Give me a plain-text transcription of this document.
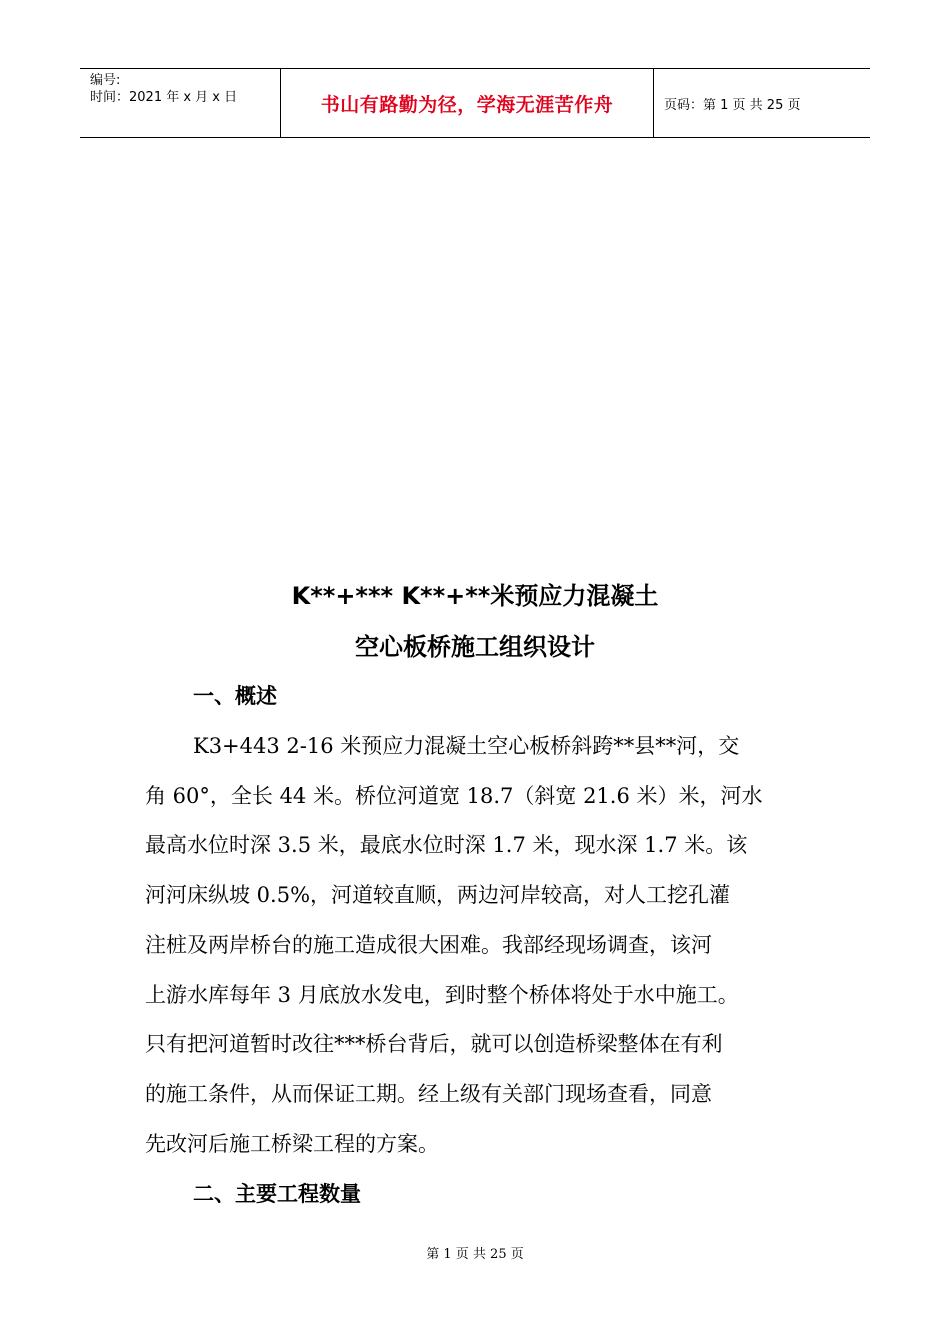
编号:
时间：2021 年 x 月 x 日	书山有路勤为径，学海无涯苦作舟	页码：第 1 页 共 25 页
K**+*** K**+**米预应力混凝土
空心板桥施工组织设计
一、概述
K3+443 2-16 米预应力混凝土空心板桥斜跨**县**河，交
角 60°，全长 44 米。桥位河道宽 18.7（斜宽 21.6 米）米，河水
最高水位时深 3.5 米，最底水位时深 1.7 米，现水深 1.7 米。该
河河床纵坡 0.5%，河道较直顺，两边河岸较高，对人工挖孔灌
注桩及两岸桥台的施工造成很大困难。我部经现场调查，该河
上游水库每年 3 月底放水发电，到时整个桥体将处于水中施工。
只有把河道暂时改往***桥台背后，就可以创造桥梁整体在有利
的施工条件，从而保证工期。经上级有关部门现场查看，同意
先改河后施工桥梁工程的方案。
二、主要工程数量
第 1 页 共 25 页
